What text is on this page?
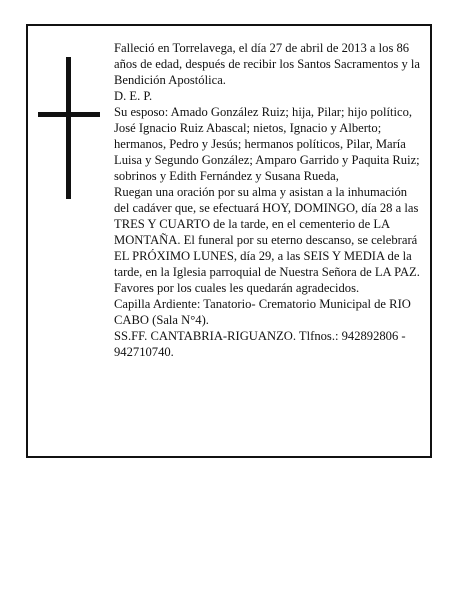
Falleció en Torrelavega, el día 27 de abril de 2013 a los 86 años de edad, después de recibir los Santos Sacramentos y la Bendición Apostólica.

D. E. P.

Su esposo: Amado González Ruiz; hija, Pilar; hijo político, José Ignacio Ruiz Abascal; nietos, Ignacio y Alberto; hermanos, Pedro y Jesús; hermanos políticos, Pilar, María Luisa y Segundo González; Amparo Garrido y Paquita Ruiz; sobrinos y Edith Fernández y Susana Rueda,

Ruegan una oración por su alma y asistan a la inhumación del cadáver que, se efectuará HOY, DOMINGO, día 28 a las TRES Y CUARTO de la tarde, en el cementerio de LA MONTAÑA. El funeral por su eterno descanso, se celebrará EL PRÓXIMO LUNES, día 29, a las SEIS Y MEDIA de la tarde, en la Iglesia parroquial de Nuestra Señora de LA PAZ.

Favores por los cuales les quedarán agradecidos.

Capilla Ardiente: Tanatorio- Crematorio Municipal de RIO CABO (Sala N°4).

SS.FF. CANTABRIA-RIGUANZO. Tlfnos.: 942892806 - 942710740.
